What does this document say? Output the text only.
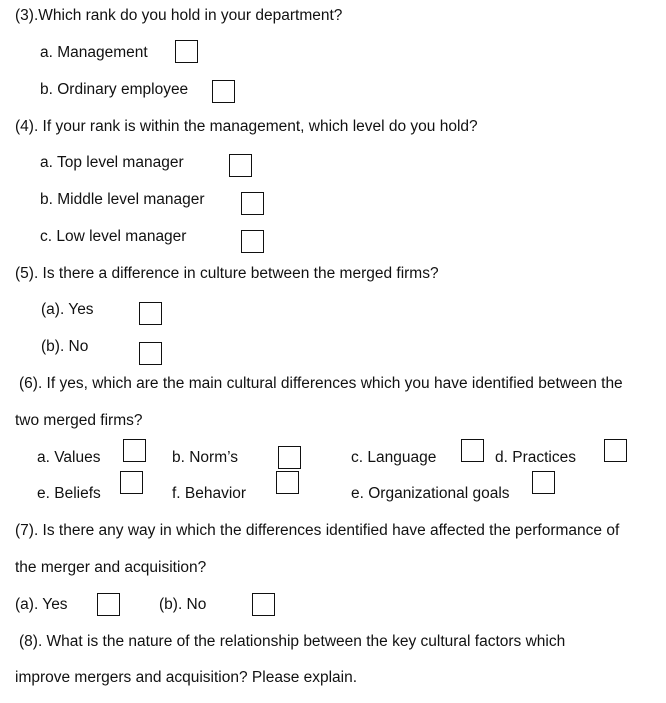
(3).Which rank do you hold in your department?
a. Management
b. Ordinary employee
(4). If your rank is within the management, which level do you hold?
a. Top level manager
b. Middle level manager
c. Low level manager
(5). Is there a difference in culture between the merged firms?
(a). Yes
(b). No
(6). If yes, which are the main cultural differences which you have identified between the
two merged firms?
a. Values	b. Norm’s	c. Language	d. Practices
e. Beliefs	f. Behavior	e. Organizational goals
(7). Is there any way in which the differences identified have affected the performance of
the merger and acquisition?
(a). Yes	(b). No
(8). What is the nature of the relationship between the key cultural factors which
improve mergers and acquisition? Please explain.
